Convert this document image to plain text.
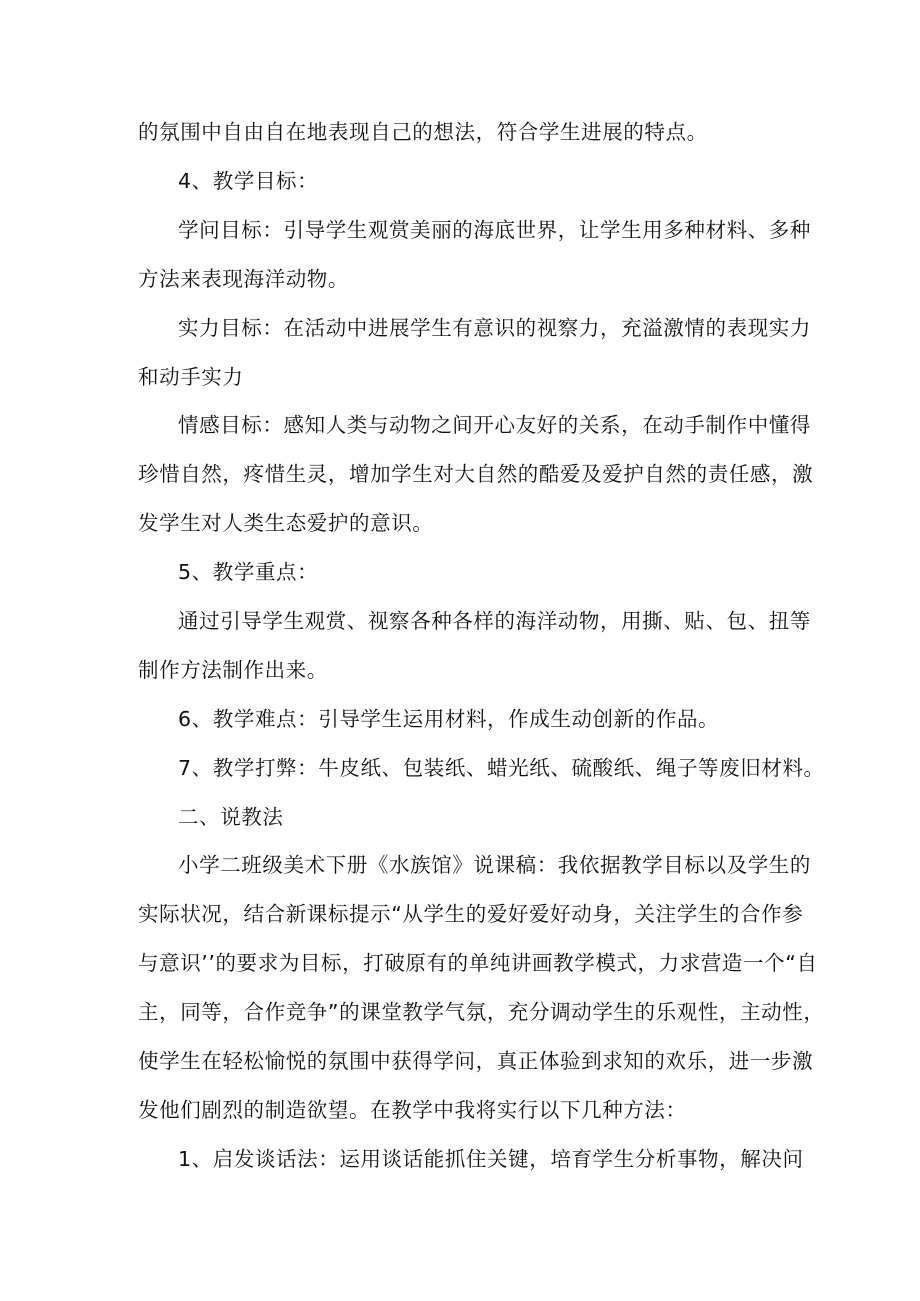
的氛围中自由自在地表现自己的想法，符合学生进展的特点。
4、教学目标：
学问目标：引导学生观赏美丽的海底世界，让学生用多种材料、多种
方法来表现海洋动物。
实力目标：在活动中进展学生有意识的视察力，充溢激情的表现实力
和动手实力
情感目标：感知人类与动物之间开心友好的关系，在动手制作中懂得
珍惜自然，疼惜生灵，增加学生对大自然的酷爱及爱护自然的责任感，激
发学生对人类生态爱护的意识。
5、教学重点：
通过引导学生观赏、视察各种各样的海洋动物，用撕、贴、包、扭等
制作方法制作出来。
6、教学难点：引导学生运用材料，作成生动创新的作品。
7、教学打弊：牛皮纸、包装纸、蜡光纸、硫酸纸、绳子等废旧材料。
二、说教法
小学二班级美术下册《水族馆》说课稿：我依据教学目标以及学生的
实际状况，结合新课标提示“从学生的爱好爱好动身，关注学生的合作参
与意识’’的要求为目标，打破原有的单纯讲画教学模式，力求营造一个“自
主，同等，合作竞争”的课堂教学气氛，充分调动学生的乐观性，主动性，
使学生在轻松愉悦的氛围中获得学问，真正体验到求知的欢乐，进一步激
发他们剧烈的制造欲望。在教学中我将实行以下几种方法：
1、启发谈话法：运用谈话能抓住关键，培育学生分析事物，解决问
